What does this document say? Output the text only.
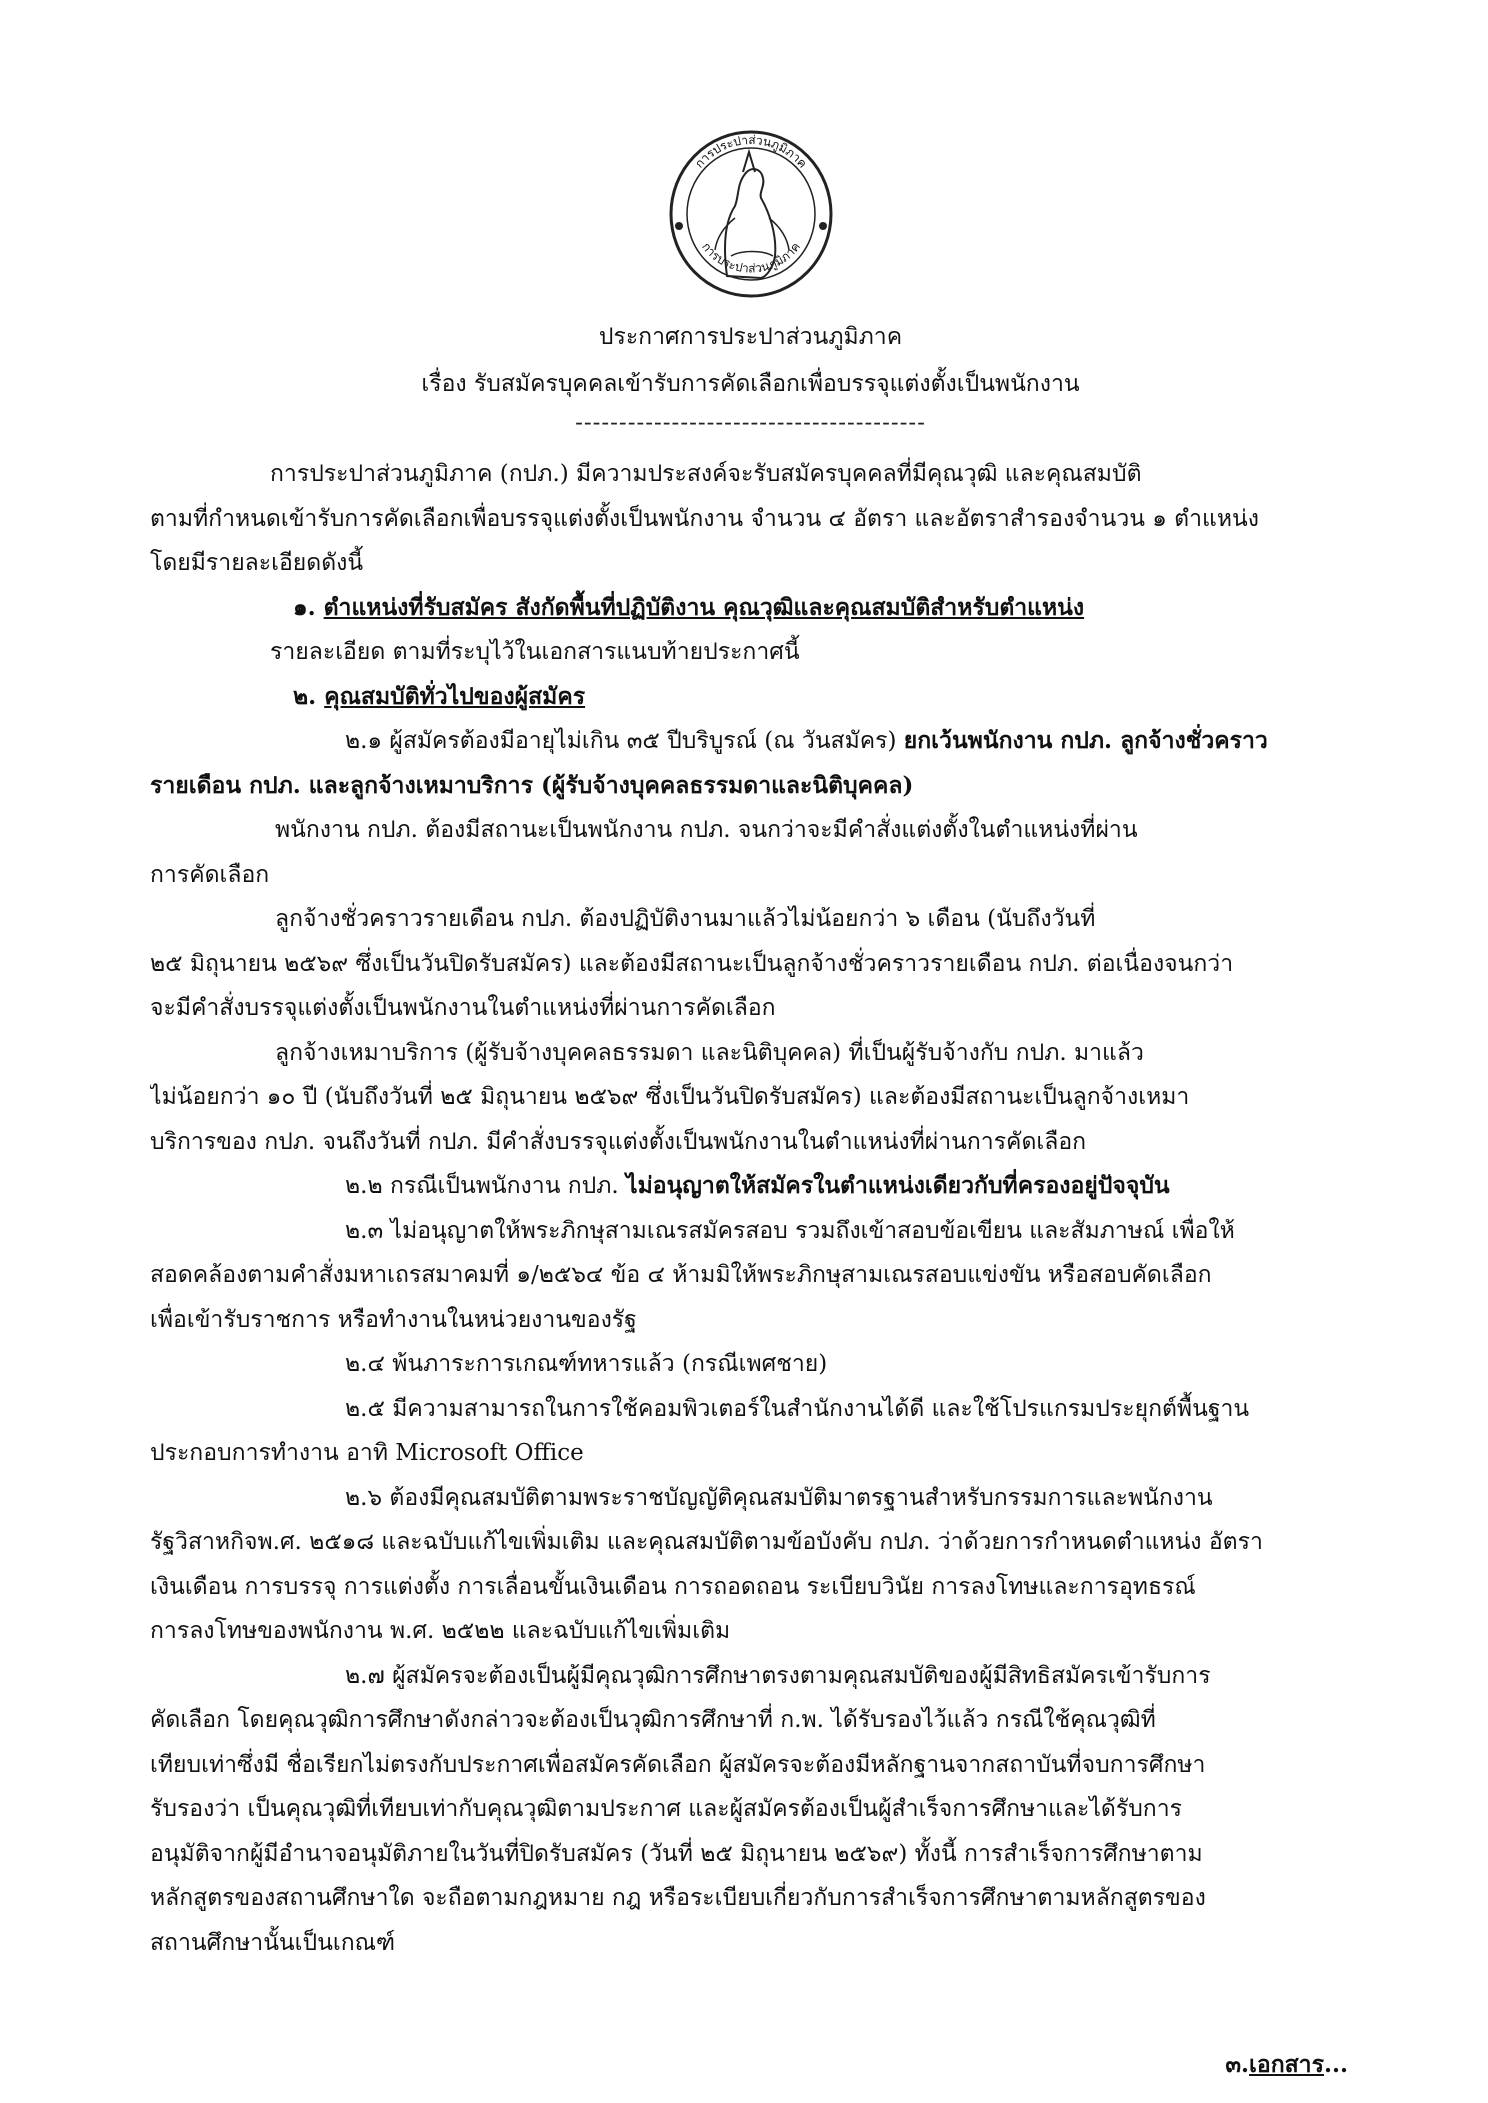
การประปาส่วนภูมิภาค
การประปาส่วนภูมิภาค
ประกาศการประปาส่วนภูมิภาค
เรื่อง รับสมัครบุคคลเข้ารับการคัดเลือกเพื่อบรรจุแต่งตั้งเป็นพนักงาน
----------------------------------------

การประปาส่วนภูมิภาค (กปภ.) มีความประสงค์จะรับสมัครบุคคลที่มีคุณวุฒิ และคุณสมบัติ

ตามที่กำหนดเข้ารับการคัดเลือกเพื่อบรรจุแต่งตั้งเป็นพนักงาน จำนวน ๔ อัตรา และอัตราสำรองจำนวน ๑ ตำแหน่ง

โดยมีรายละเอียดดังนี้

๑. ตำแหน่งที่รับสมัคร สังกัดพื้นที่ปฏิบัติงาน คุณวุฒิและคุณสมบัติสำหรับตำแหน่ง

รายละเอียด ตามที่ระบุไว้ในเอกสารแนบท้ายประกาศนี้

๒. คุณสมบัติทั่วไปของผู้สมัคร

๒.๑ ผู้สมัครต้องมีอายุไม่เกิน ๓๕ ปีบริบูรณ์ (ณ วันสมัคร) ยกเว้นพนักงาน กปภ. ลูกจ้างชั่วคราว

รายเดือน กปภ. และลูกจ้างเหมาบริการ (ผู้รับจ้างบุคคลธรรมดาและนิติบุคคล)

พนักงาน กปภ. ต้องมีสถานะเป็นพนักงาน กปภ. จนกว่าจะมีคำสั่งแต่งตั้งในตำแหน่งที่ผ่าน

การคัดเลือก

ลูกจ้างชั่วคราวรายเดือน กปภ. ต้องปฏิบัติงานมาแล้วไม่น้อยกว่า ๖ เดือน (นับถึงวันที่

๒๕ มิถุนายน ๒๕๖๙ ซึ่งเป็นวันปิดรับสมัคร) และต้องมีสถานะเป็นลูกจ้างชั่วคราวรายเดือน กปภ. ต่อเนื่องจนกว่า

จะมีคำสั่งบรรจุแต่งตั้งเป็นพนักงานในตำแหน่งที่ผ่านการคัดเลือก

ลูกจ้างเหมาบริการ (ผู้รับจ้างบุคคลธรรมดา และนิติบุคคล) ที่เป็นผู้รับจ้างกับ กปภ. มาแล้ว

ไม่น้อยกว่า ๑๐ ปี (นับถึงวันที่ ๒๕ มิถุนายน ๒๕๖๙ ซึ่งเป็นวันปิดรับสมัคร) และต้องมีสถานะเป็นลูกจ้างเหมา

บริการของ กปภ. จนถึงวันที่ กปภ. มีคำสั่งบรรจุแต่งตั้งเป็นพนักงานในตำแหน่งที่ผ่านการคัดเลือก

๒.๒ กรณีเป็นพนักงาน กปภ. ไม่อนุญาตให้สมัครในตำแหน่งเดียวกับที่ครองอยู่ปัจจุบัน

๒.๓ ไม่อนุญาตให้พระภิกษุสามเณรสมัครสอบ รวมถึงเข้าสอบข้อเขียน และสัมภาษณ์ เพื่อให้

สอดคล้องตามคำสั่งมหาเถรสมาคมที่ ๑/๒๕๖๔ ข้อ ๔ ห้ามมิให้พระภิกษุสามเณรสอบแข่งขัน หรือสอบคัดเลือก

เพื่อเข้ารับราชการ หรือทำงานในหน่วยงานของรัฐ

๒.๔ พ้นภาระการเกณฑ์ทหารแล้ว (กรณีเพศชาย)

๒.๕ มีความสามารถในการใช้คอมพิวเตอร์ในสำนักงานได้ดี และใช้โปรแกรมประยุกต์พื้นฐาน

ประกอบการทำงาน อาทิ Microsoft Office

๒.๖ ต้องมีคุณสมบัติตามพระราชบัญญัติคุณสมบัติมาตรฐานสำหรับกรรมการและพนักงาน

รัฐวิสาหกิจพ.ศ. ๒๕๑๘ และฉบับแก้ไขเพิ่มเติม และคุณสมบัติตามข้อบังคับ กปภ. ว่าด้วยการกำหนดตำแหน่ง อัตรา

เงินเดือน การบรรจุ การแต่งตั้ง การเลื่อนขั้นเงินเดือน การถอดถอน ระเบียบวินัย การลงโทษและการอุทธรณ์

การลงโทษของพนักงาน พ.ศ. ๒๕๒๒ และฉบับแก้ไขเพิ่มเติม

๒.๗ ผู้สมัครจะต้องเป็นผู้มีคุณวุฒิการศึกษาตรงตามคุณสมบัติของผู้มีสิทธิสมัครเข้ารับการ

คัดเลือก โดยคุณวุฒิการศึกษาดังกล่าวจะต้องเป็นวุฒิการศึกษาที่ ก.พ. ได้รับรองไว้แล้ว กรณีใช้คุณวุฒิที่

เทียบเท่าซึ่งมี ชื่อเรียกไม่ตรงกับประกาศเพื่อสมัครคัดเลือก ผู้สมัครจะต้องมีหลักฐานจากสถาบันที่จบการศึกษา

รับรองว่า เป็นคุณวุฒิที่เทียบเท่ากับคุณวุฒิตามประกาศ และผู้สมัครต้องเป็นผู้สำเร็จการศึกษาและได้รับการ

อนุมัติจากผู้มีอำนาจอนุมัติภายในวันที่ปิดรับสมัคร (วันที่ ๒๕ มิถุนายน ๒๕๖๙) ทั้งนี้ การสำเร็จการศึกษาตาม

หลักสูตรของสถานศึกษาใด จะถือตามกฎหมาย กฎ หรือระเบียบเกี่ยวกับการสำเร็จการศึกษาตามหลักสูตรของ

สถานศึกษานั้นเป็นเกณฑ์

๓.เอกสาร...
